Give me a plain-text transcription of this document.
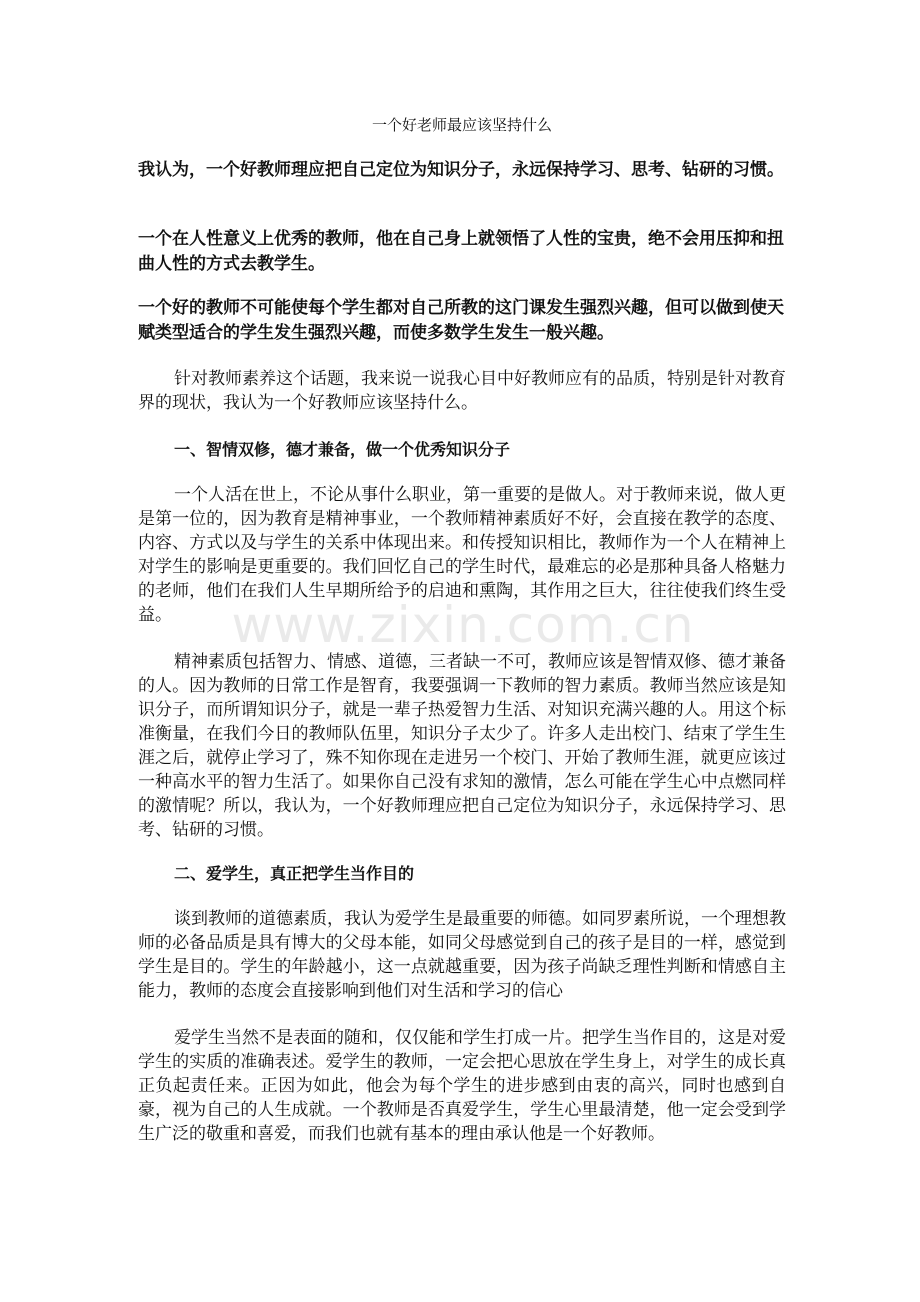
一个好老师最应该坚持什么

我认为，一个好教师理应把自己定位为知识分子，永远保持学习、思考、钻研的习惯。

一个在人性意义上优秀的教师，他在自己身上就领悟了人性的宝贵，绝不会用压抑和扭曲人性的方式去教学生。

一个好的教师不可能使每个学生都对自己所教的这门课发生强烈兴趣，但可以做到使天赋类型适合的学生发生强烈兴趣，而使多数学生发生一般兴趣。

针对教师素养这个话题，我来说一说我心目中好教师应有的品质，特别是针对教育界的现状，我认为一个好教师应该坚持什么。

一、智情双修，德才兼备，做一个优秀知识分子

一个人活在世上，不论从事什么职业，第一重要的是做人。对于教师来说，做人更是第一位的，因为教育是精神事业，一个教师精神素质好不好，会直接在教学的态度、内容、方式以及与学生的关系中体现出来。和传授知识相比，教师作为一个人在精神上对学生的影响是更重要的。我们回忆自己的学生时代，最难忘的必是那种具备人格魅力的老师，他们在我们人生早期所给予的启迪和熏陶，其作用之巨大，往往使我们终生受益。

精神素质包括智力、情感、道德，三者缺一不可，教师应该是智情双修、德才兼备的人。因为教师的日常工作是智育，我要强调一下教师的智力素质。教师当然应该是知识分子，而所谓知识分子，就是一辈子热爱智力生活、对知识充满兴趣的人。用这个标准衡量，在我们今日的教师队伍里，知识分子太少了。许多人走出校门、结束了学生生涯之后，就停止学习了，殊不知你现在走进另一个校门、开始了教师生涯，就更应该过一种高水平的智力生活了。如果你自己没有求知的激情，怎么可能在学生心中点燃同样的激情呢？所以，我认为，一个好教师理应把自己定位为知识分子，永远保持学习、思考、钻研的习惯。

二、爱学生，真正把学生当作目的

谈到教师的道德素质，我认为爱学生是最重要的师德。如同罗素所说，一个理想教师的必备品质是具有博大的父母本能，如同父母感觉到自己的孩子是目的一样，感觉到学生是目的。学生的年龄越小，这一点就越重要，因为孩子尚缺乏理性判断和情感自主能力，教师的态度会直接影响到他们对生活和学习的信心

爱学生当然不是表面的随和，仅仅能和学生打成一片。把学生当作目的，这是对爱学生的实质的准确表述。爱学生的教师，一定会把心思放在学生身上，对学生的成长真正负起责任来。正因为如此，他会为每个学生的进步感到由衷的高兴，同时也感到自豪，视为自己的人生成就。一个教师是否真爱学生，学生心里最清楚，他一定会受到学生广泛的敬重和喜爱，而我们也就有基本的理由承认他是一个好教师。

www.zixin.com.cn
